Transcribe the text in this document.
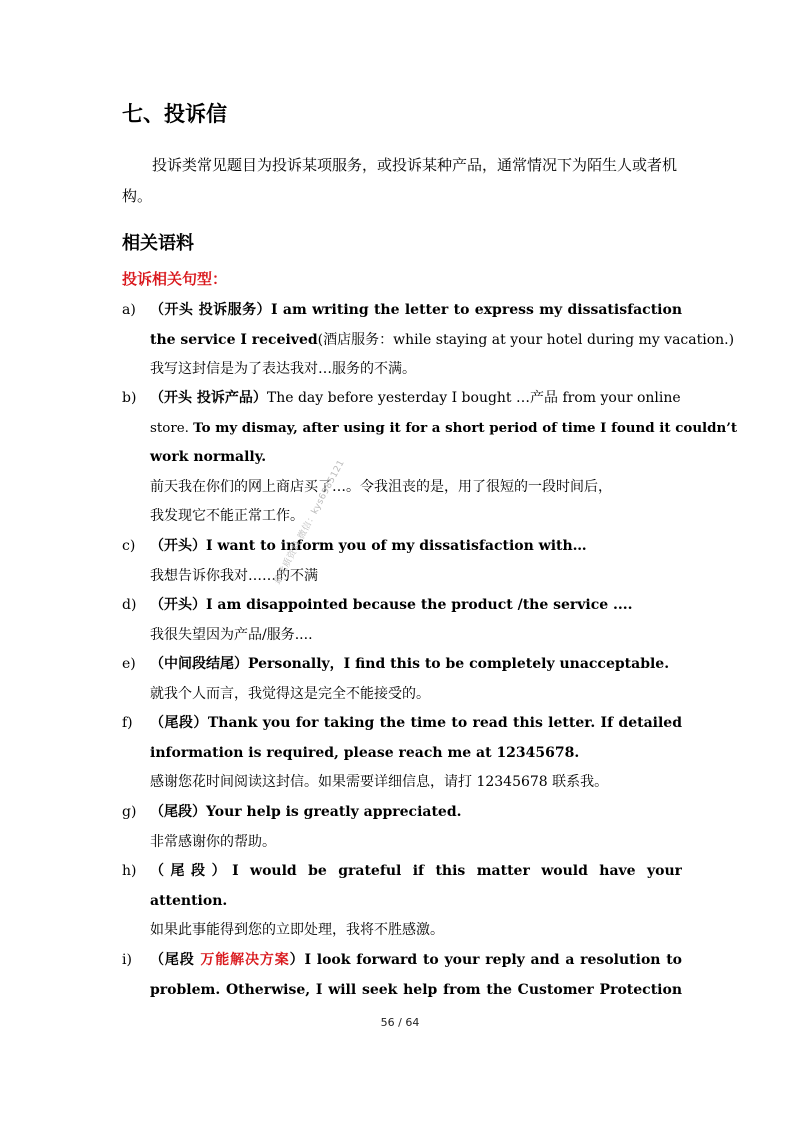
七、投诉信

投诉类常见题目为投诉某项服务，或投诉某种产品，通常情况下为陌生人或者机构。

相关语料

投诉相关句型：

a) （开头 投诉服务）I am writing the letter to express my dissatisfaction
the service I received(酒店服务：while staying at your hotel during my vacation.)
我写这封信是为了表达我对…服务的不满。
b) （开头 投诉产品）The day before yesterday I bought …产品 from your online
store. To my dismay, after using it for a short period of time I found it couldn’t
work normally.
前天我在你们的网上商店买了…。令我沮丧的是，用了很短的一段时间后，
我发现它不能正常工作。
c) （开头）I want to inform you of my dissatisfaction with…
我想告诉你我对……的不满
d) （开头）I am disappointed because the product /the service ....
我很失望因为产品/服务....
e) （中间段结尾）Personally，I find this to be completely unacceptable.
就我个人而言，我觉得这是完全不能接受的。
f) （尾段）Thank you for taking the time to read this letter. If detailed
information is required, please reach me at 12345678.
感谢您花时间阅读这封信。如果需要详细信息，请打 12345678 联系我。
g) （尾段）Your help is greatly appreciated.
非常感谢你的帮助。
h) （尾段）I would be grateful if this matter would have your
attention.
如果此事能得到您的立即处理，我将不胜感激。
i) （尾段 万能解决方案）I look forward to your reply and a resolution to
problem. Otherwise, I will seek help from the Customer Protection
最优质资料 微信：kys6985121
56 / 64
